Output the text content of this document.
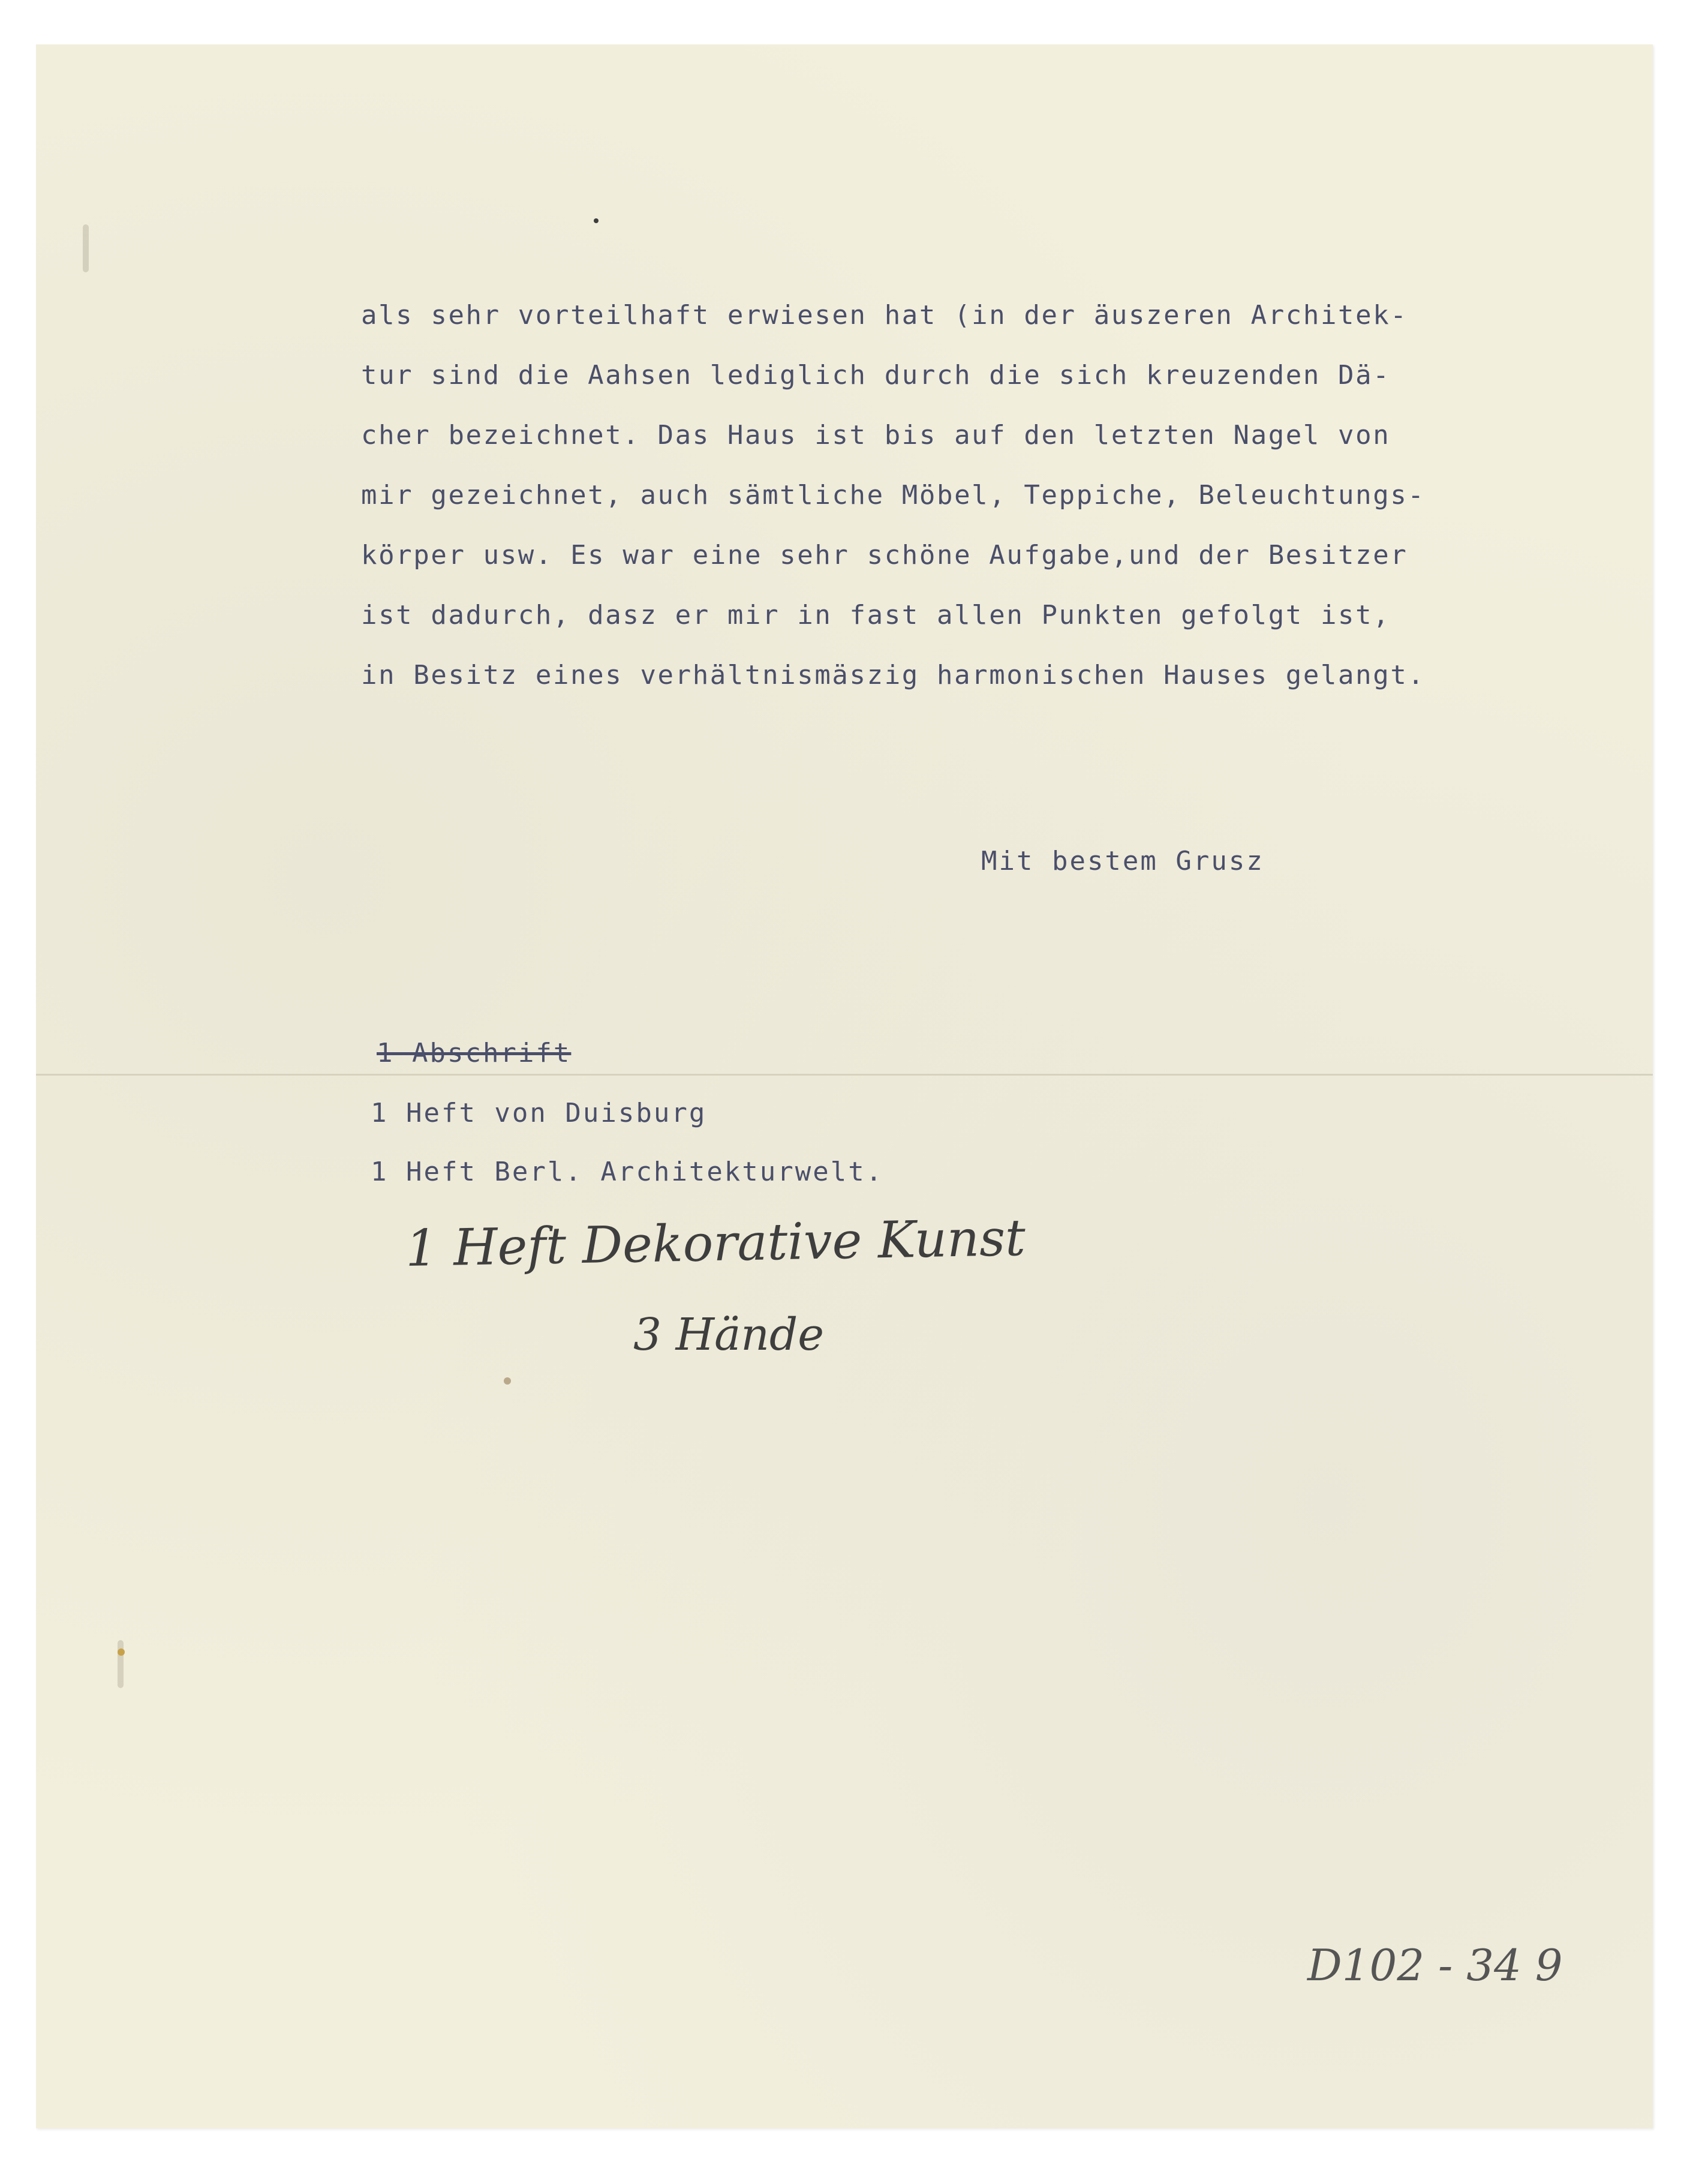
als sehr vorteilhaft erwiesen hat (in der äuszeren Architek-
tur sind die Aahsen lediglich durch die sich kreuzenden Dä-
cher bezeichnet. Das Haus ist bis auf den letzten Nagel von
mir gezeichnet, auch sämtliche Möbel, Teppiche, Beleuchtungs-
körper usw. Es war eine sehr schöne Aufgabe,und der Besitzer
ist dadurch, dasz er mir in fast allen Punkten gefolgt ist,
in Besitz eines verhältnismäszig harmonischen Hauses gelangt.

Mit bestem Grusz

1 Abschrift

1 Heft von Duisburg

1 Heft Berl. Architekturwelt.

1 Heft Dekorative Kunst

3 Hände

D102 - 34 9
